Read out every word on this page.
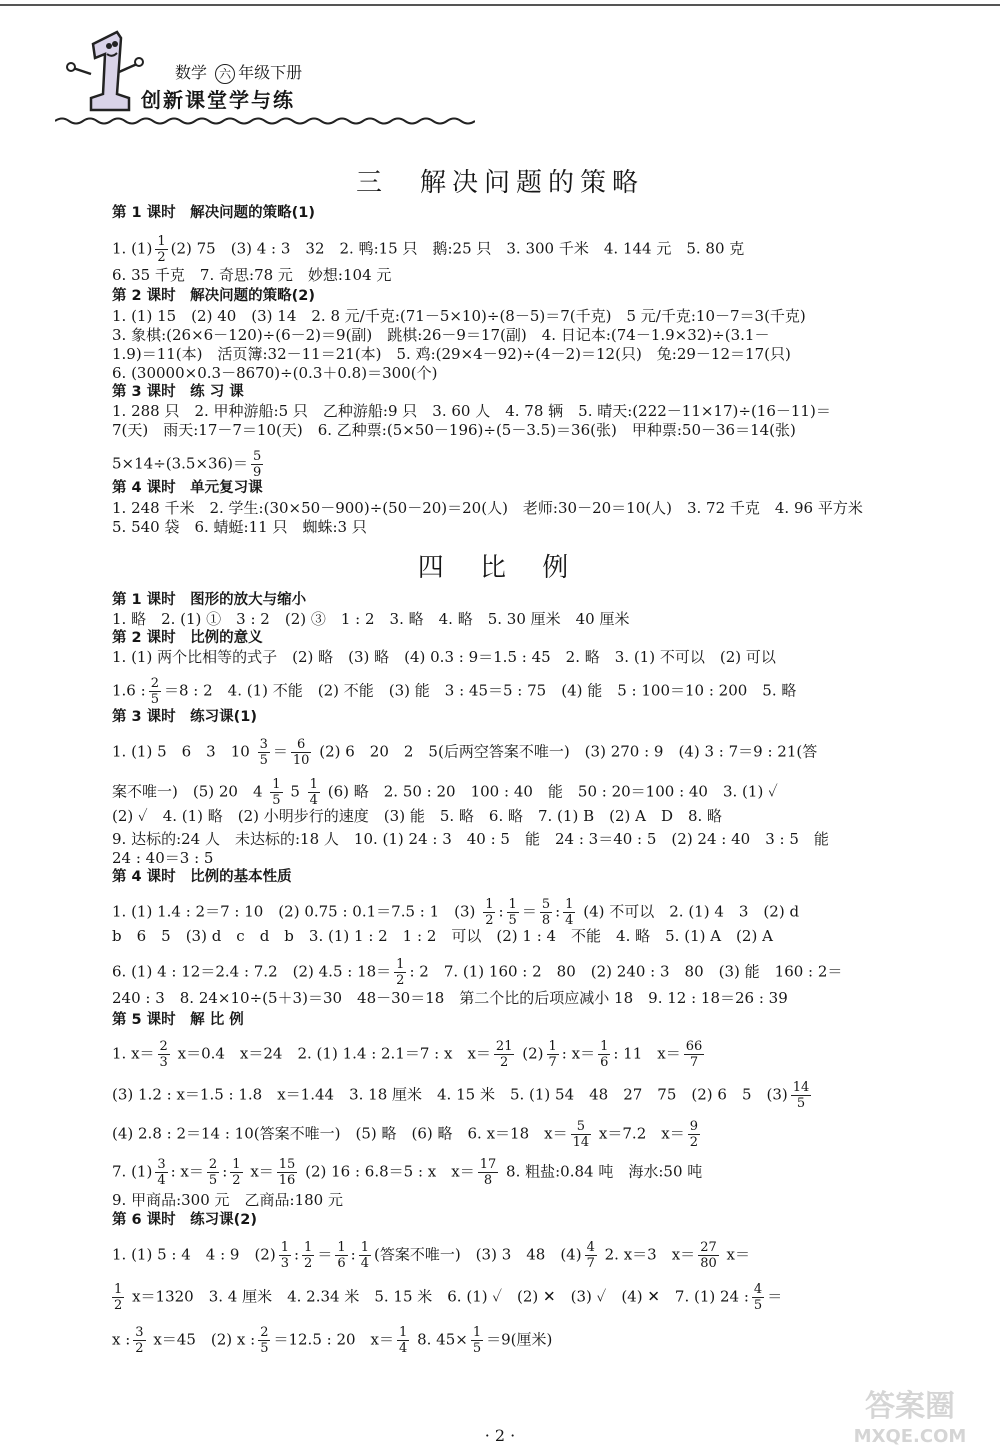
数学 六 年级下册
创新课堂学与练
三　解决问题的策略
第 1 课时　解决问题的策略(1)
1. $(1) \frac{1}{2} (2)$ 75　(3) 4 : 3　32　2. 鸭:15 只　鹅:25 只　3. 300 千米　4. 144 元　5. 80 克
6. 35 千克　7. 奇思:78 元　妙想:104 元
第 2 课时　解决问题的策略(2)
1. (1) 15　(2) 40　(3) 14　2. 8 元/千克:(71－5×10)÷(8－5)＝7(千克)　5 元/千克:10－7＝3(千克)
3. 象棋:(26×6－120)÷(6－2)＝9(副)　跳棋:26－9＝17(副)　4. 日记本:(74－1.9×32)÷(3.1－
1.9)＝11(本)　活页簿:32－11＝21(本)　5. 鸡:(29×4－92)÷(4－2)＝12(只)　兔:29－12＝17(只)
6. (30000×0.3－8670)÷(0.3＋0.8)＝300(个)
第 3 课时　练 习 课
1. 288 只　2. 甲种游船:5 只　乙种游船:9 只　3. 60 人　4. 78 辆　5. 晴天:(222－11×17)÷(16－11)＝
7(天)　雨天:17－7＝10(天)　6. 乙种票:(5×50－196)÷(5－3.5)＝36(张)　甲种票:50－36＝14(张)
$5\times 14\div(3.5\times 36)= \frac{5}{9}$
第 4 课时　单元复习课
1. 248 千米　2. 学生:(30×50－900)÷(50－20)＝20(人)　老师:30－20＝10(人)　3. 72 千克　4. 96 平方米
5. 540 袋　6. 蜻蜓:11 只　蜘蛛:3 只
四 比 例
第 1 课时　图形的放大与缩小
1. 略　2. (1) ①　3 : 2　(2) ③　1 : 2　3. 略　4. 略　5. 30 厘米　40 厘米
第 2 课时　比例的意义
1. (1) 两个比相等的式子　(2) 略　(3) 略　(4) 0.3 : 9＝1.5 : 45　2. 略　3. (1) 不可以　(2) 可以
1.6 : $\frac{2}{5} =8$ : 2　4. (1) 不能　(2) 不能　(3) 能　3 : 45＝5 : 75　(4) 能　5 : 100＝10 : 200　5. 略
第 3 课时　练习课(1)
1. (1) 5　6　3　$10 \frac{3}{5} = \frac{6}{10} (2)$ 6　20　2　5(后两空答案不唯一)　(3) 270 : 9　(4) 3 : 7＝9 : 21(答
案不唯一)　(5) 20　$4 \frac{1}{5} 5 \frac{1}{4} (6)$ 略　2. 50 : 20　100 : 40　能　50 : 20＝100 : 40　3. (1) ✓
(2) ✓　4. (1) 略　(2) 小明步行的速度　(3) 能　5. 略　6. 略　7. (1) B　(2) A　D　8. 略
9. 达标的:24 人　未达标的:18 人　10. (1) 24 : 3　40 : 5　能　24 : 3＝40 : 5　(2) 24 : 40　3 : 5　能
24 : 40＝3 : 5
第 4 课时　比例的基本性质
1. (1) 1.4 : 2＝7 : 10　(2) 0.75 : 0.1＝7.5 : 1　$(3) \frac{1}{2}$ : $\frac{1}{5} = \frac{5}{8}$ : $\frac{1}{4} (4)$ 不可以　2. (1) 4　3　(2) d
b　6　5　(3) d　c　d　b　3. (1) 1 : 2　1 : 2　可以　(2) 1 : 4　不能　4. 略　5. (1) A　(2) A
6. (1) 4 : 12＝2.4 : 7.2　(2) 4.5 : $18= \frac{1}{2}$ : 2　7. (1) 160 : 2　80　(2) 240 : 3　80　(3) 能　160 : 2＝
240 : 3　8. 24×10÷(5＋3)＝30　48－30＝18　第二个比的后项应减小 18　9. 12 : 18＝26 : 39
第 5 课时　解 比 例
1. $x= \frac{2}{3} x=0.4$　x＝24　2. (1) 1.4 : 2.1＝7 : x　$x= \frac{21}{2} (2) \frac{1}{7}$ : $x= \frac{1}{6}$ : 11　$x= \frac{66}{7}$
(3) 1.2 : x＝1.5 : 1.8　x＝1.44　3. 18 厘米　4. 15 米　5. (1) 54　48　27　75　(2) 6　5　$(3) \frac{14}{5}$
(4) 2.8 : 2＝14 : 10(答案不唯一)　(5) 略　(6) 略　6. x＝18　$x= \frac{5}{14} x=7.2$　$x= \frac{9}{2}$
7. $(1) \frac{3}{4}$ : $x= \frac{2}{5}$ : $\frac{1}{2} x= \frac{15}{16} (2)$ 16 : 6.8＝5 : x　$x= \frac{17}{8} 8$. 粗盐:0.84 吨　海水:50 吨
9. 甲商品:300 元　乙商品:180 元
第 6 课时　练习课(2)
1. (1) 5 : 4　4 : 9　$(2) \frac{1}{3}$ : $\frac{1}{2} = \frac{1}{6}$ : $\frac{1}{4}$ (答案不唯一)　(3) 3　48　$(4) \frac{4}{7} 2$. x＝3　$x= \frac{27}{80} x=$
$\frac{1}{2} x=1320$　3. 4 厘米　4. 2.34 米　5. 15 米　6. (1) ✓　(2) ✕　(3) ✓　(4) ✕　7. (1) 24 : $\frac{4}{5}$ ＝
x : $\frac{3}{2} x=45$　(2) x : $\frac{2}{5} =12.5$ : 20　$x= \frac{1}{4} 8$. $45\times \frac{1}{5} =9$(厘米)
· 2 ·
答案圈
MXQE.COM
